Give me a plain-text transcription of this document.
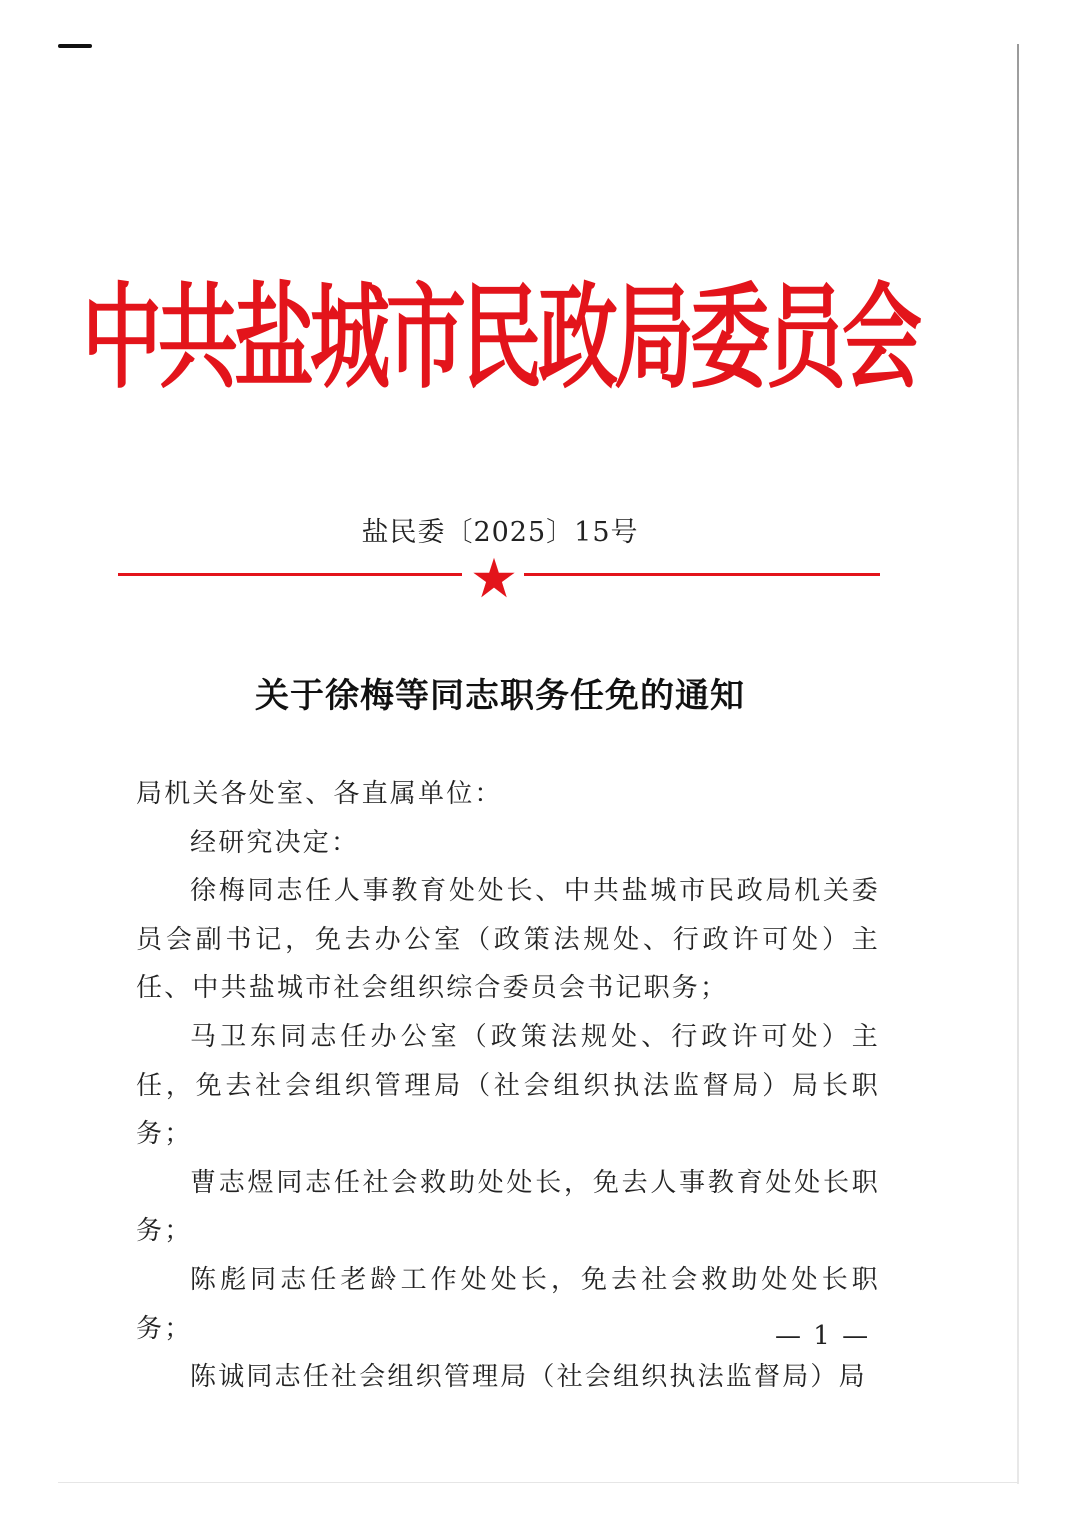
中共盐城市民政局委员会
盐民委〔2025〕15号
关于徐梅等同志职务任免的通知

局机关各处室、各直属单位：

经研究决定：

徐梅同志任人事教育处处长、中共盐城市民政局机关委员会副书记，免去办公室（政策法规处、行政许可处）主任、中共盐城市社会组织综合委员会书记职务；

马卫东同志任办公室（政策法规处、行政许可处）主任，免去社会组织管理局（社会组织执法监督局）局长职务；

曹志煜同志任社会救助处处长，免去人事教育处处长职务；

陈彪同志任老龄工作处处长，免去社会救助处处长职务；

陈诚同志任社会组织管理局（社会组织执法监督局）局

— 1 —
